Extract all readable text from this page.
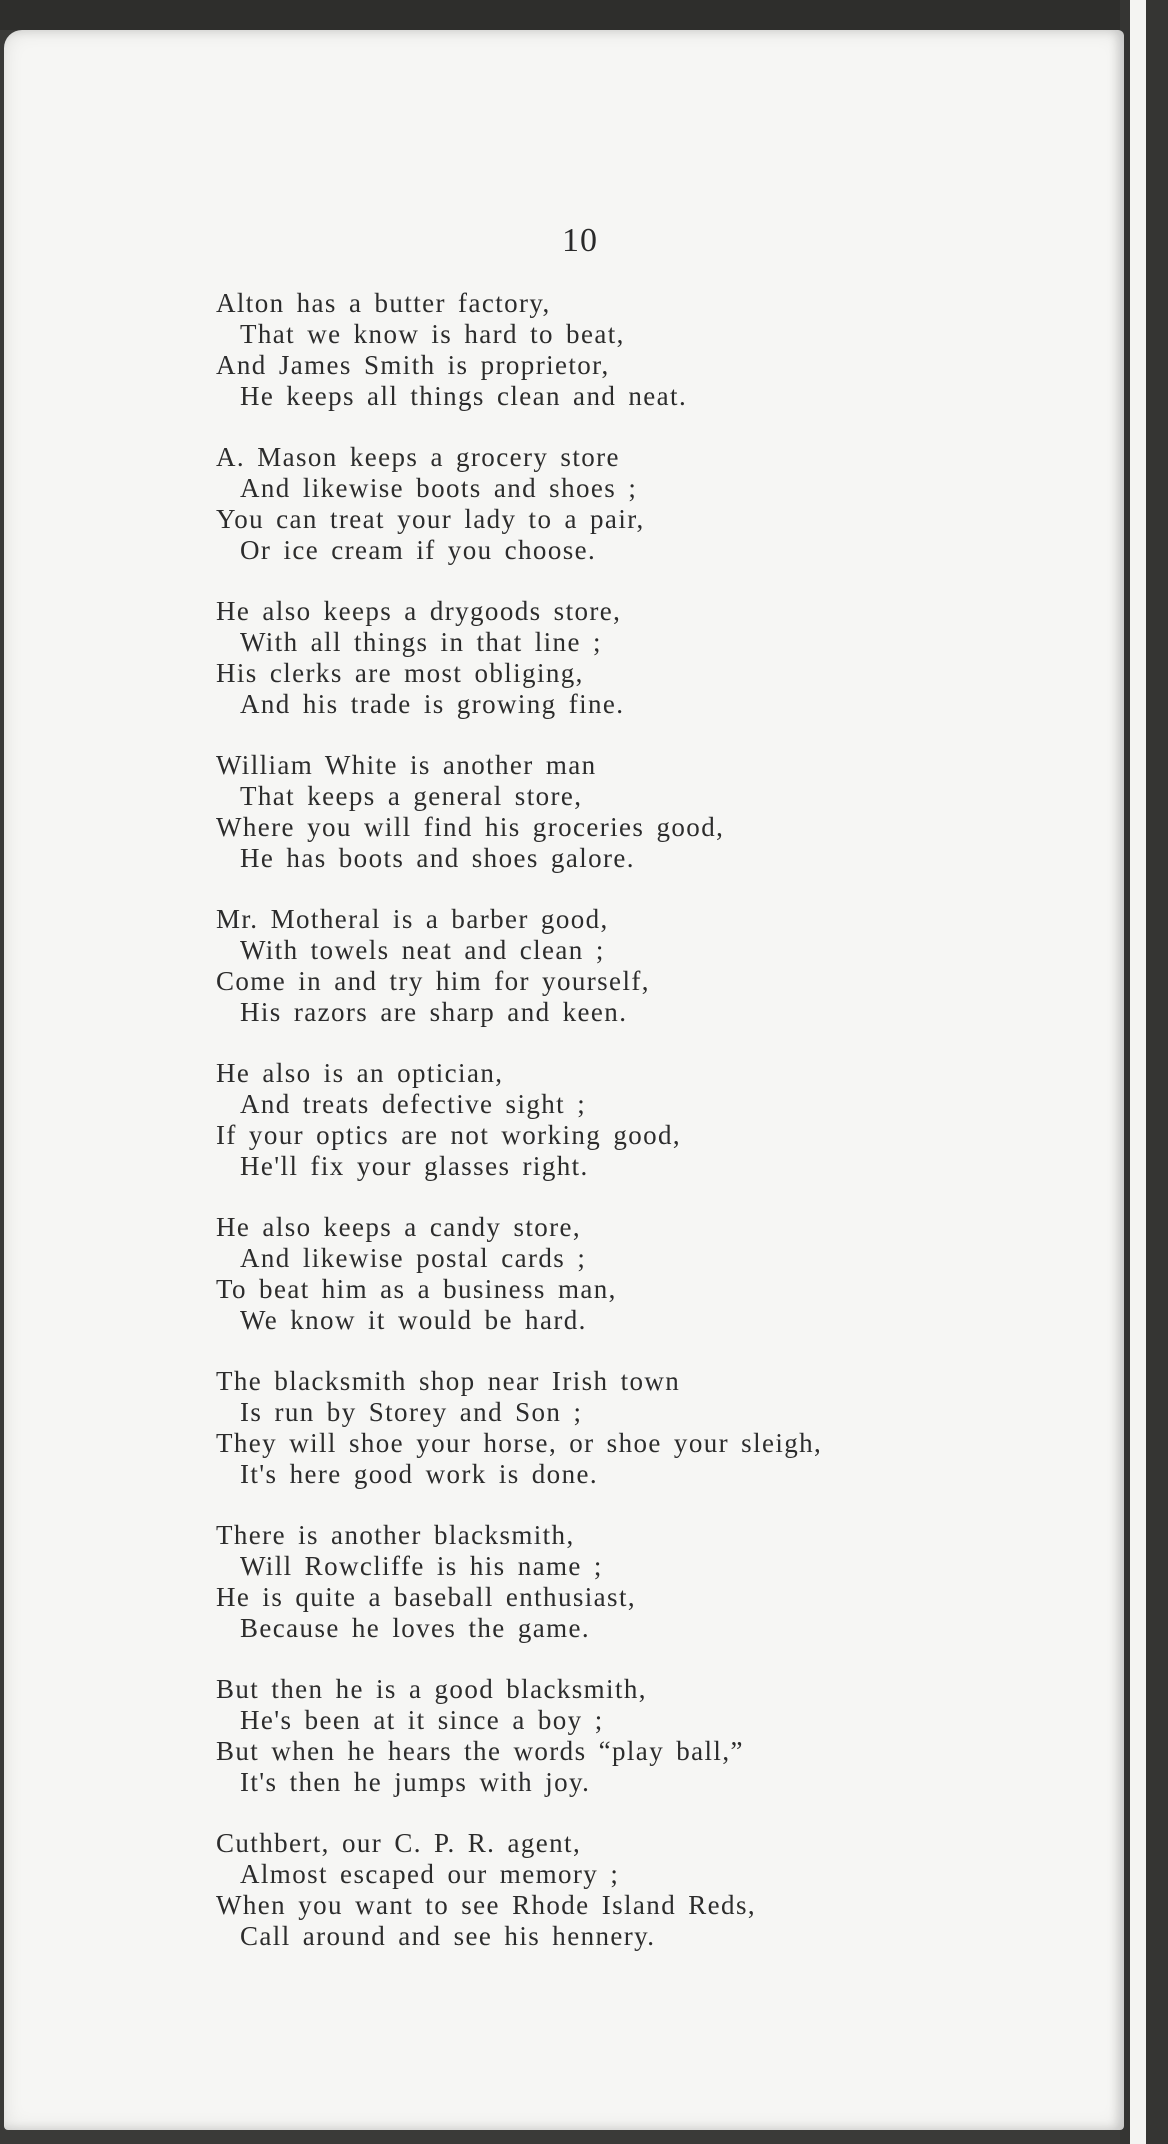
10
Alton has a butter factory,
That we know is hard to beat,
And James Smith is proprietor,
He keeps all things clean and neat.
A. Mason keeps a grocery store
And likewise boots and shoes ;
You can treat your lady to a pair,
Or ice cream if you choose.
He also keeps a drygoods store,
With all things in that line ;
His clerks are most obliging,
And his trade is growing fine.
William White is another man
That keeps a general store,
Where you will find his groceries good,
He has boots and shoes galore.
Mr. Motheral is a barber good,
With towels neat and clean ;
Come in and try him for yourself,
His razors are sharp and keen.
He also is an optician,
And treats defective sight ;
If your optics are not working good,
He'll fix your glasses right.
He also keeps a candy store,
And likewise postal cards ;
To beat him as a business man,
We know it would be hard.
The blacksmith shop near Irish town
Is run by Storey and Son ;
They will shoe your horse, or shoe your sleigh,
It's here good work is done.
There is another blacksmith,
Will Rowcliffe is his name ;
He is quite a baseball enthusiast,
Because he loves the game.
But then he is a good blacksmith,
He's been at it since a boy ;
But when he hears the words “play ball,”
It's then he jumps with joy.
Cuthbert, our C. P. R. agent,
Almost escaped our memory ;
When you want to see Rhode Island Reds,
Call around and see his hennery.
